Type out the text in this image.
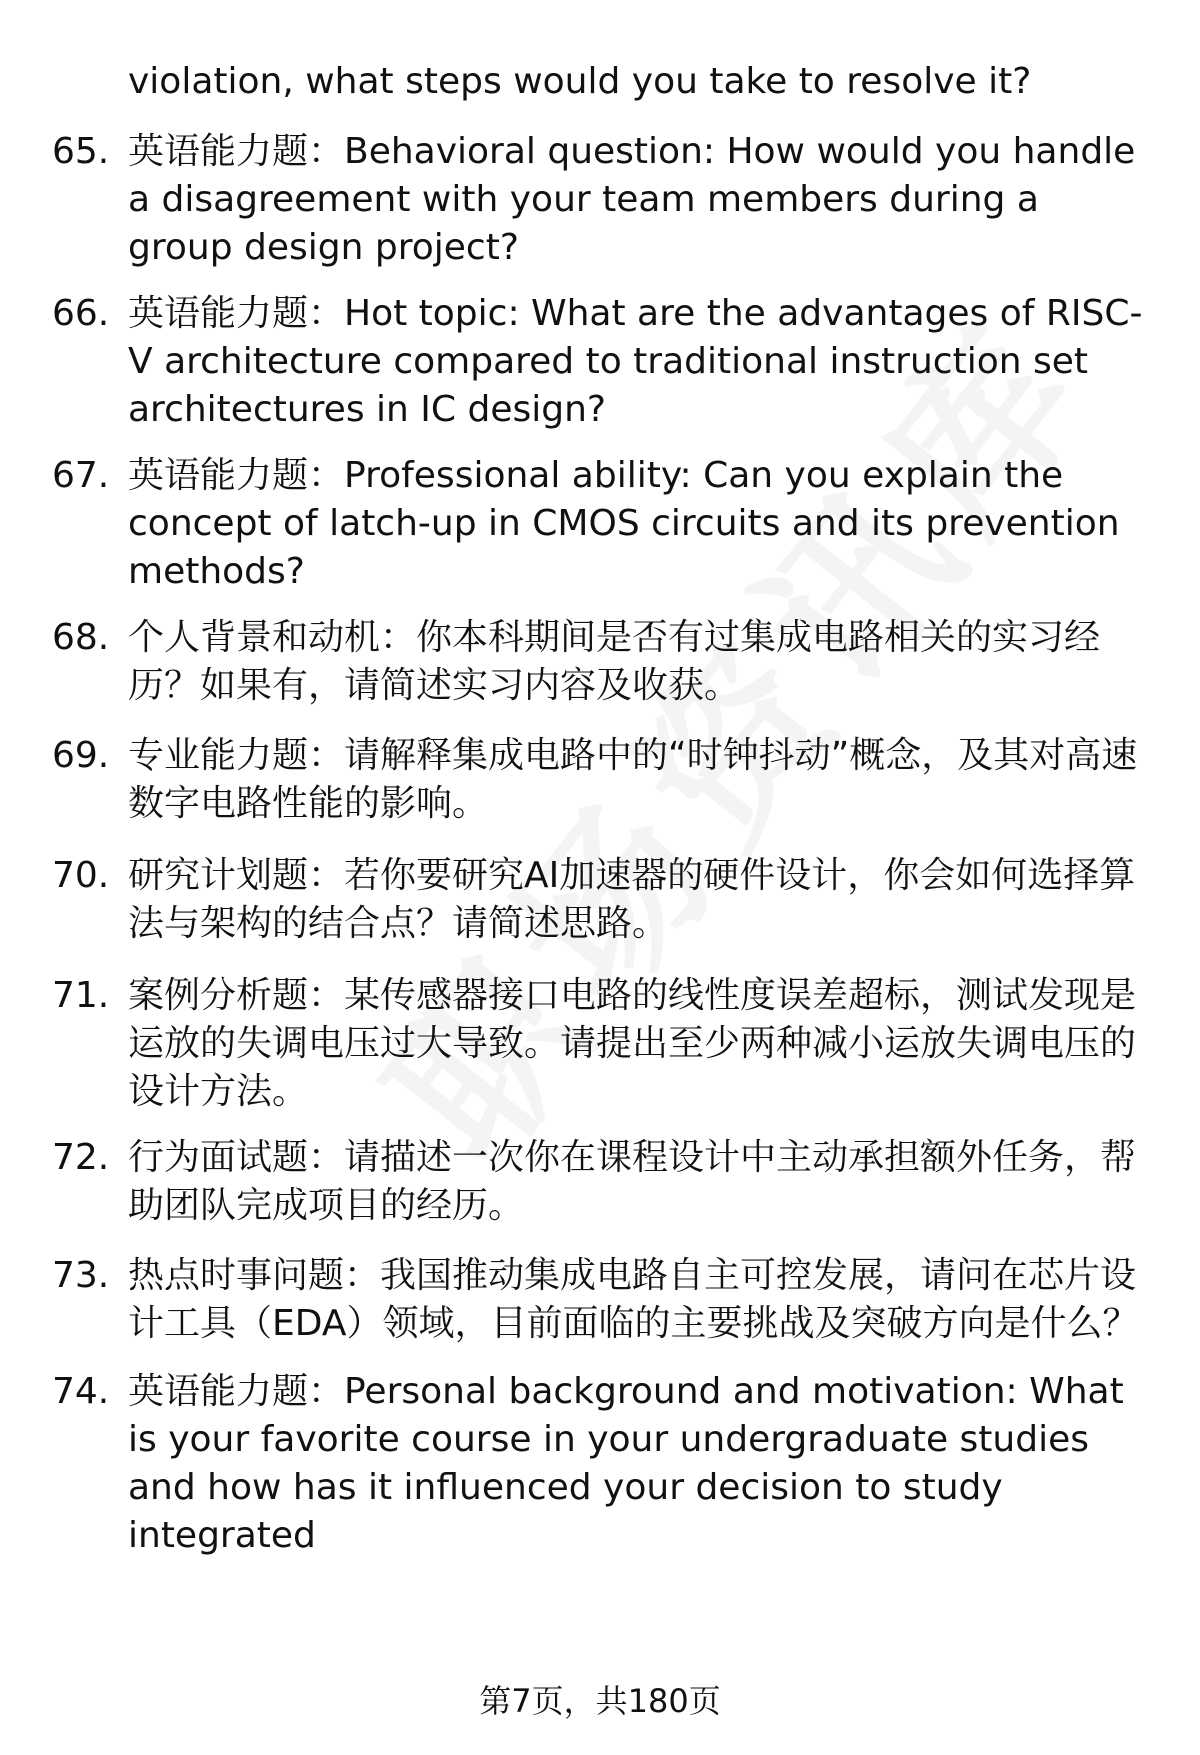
violation, what steps would you take to resolve it?
65. 英语能力题：Behavioral question: How would you handle a disagreement with your team members during a group design project?
66. 英语能力题：Hot topic: What are the advantages of RISC-V architecture compared to traditional instruction set architectures in IC design?
67. 英语能力题：Professional ability: Can you explain the concept of latch-up in CMOS circuits and its prevention methods?
68. 个人背景和动机：你本科期间是否有过集成电路相关的实习经历？如果有，请简述实习内容及收获。
69. 专业能力题：请解释集成电路中的“时钟抖动”概念，及其对高速数字电路性能的影响。
70. 研究计划题：若你要研究AI加速器的硬件设计，你会如何选择算法与架构的结合点？请简述思路。
71. 案例分析题：某传感器接口电路的线性度误差超标，测试发现是运放的失调电压过大导致。请提出至少两种减小运放失调电压的设计方法。
72. 行为面试题：请描述一次你在课程设计中主动承担额外任务，帮助团队完成项目的经历。
73. 热点时事问题：我国推动集成电路自主可控发展，请问在芯片设计工具（EDA）领域，目前面临的主要挑战及突破方向是什么？
74. 英语能力题：Personal background and motivation: What is your favorite course in your undergraduate studies and how has it influenced your decision to study integrated
第7页，共180页
